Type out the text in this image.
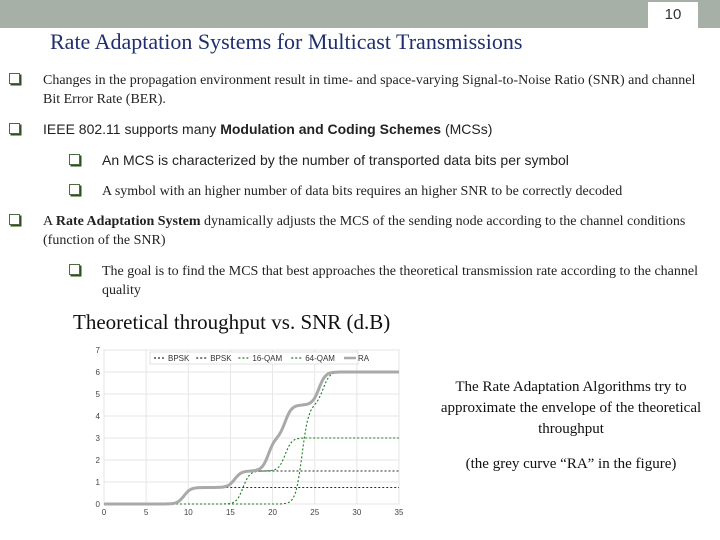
10
Rate Adaptation Systems for Multicast Transmissions
Changes in the propagation environment result in time- and space-varying Signal-to-Noise Ratio (SNR) and channel Bit Error Rate (BER).
IEEE 802.11 supports many Modulation and Coding Schemes (MCSs)
An MCS is characterized by the number of transported data bits per symbol
A symbol with an higher number of data bits requires an higher SNR to be correctly decoded
A Rate Adaptation System dynamically adjusts the MCS of the sending node according to the channel conditions (function of the SNR)
The goal is to find the MCS that best approaches the theoretical transmission rate according to the channel quality
Theoretical throughput vs. SNR (d.B)
0
1
2
3
4
5
6
7
0	5	10	15	20	25	30	35
BPSK	BPSK	16-QAM	64-QAM	RA
The Rate Adaptation Algorithms try to approximate the envelope of the theoretical throughput
(the grey curve “RA” in the figure)
